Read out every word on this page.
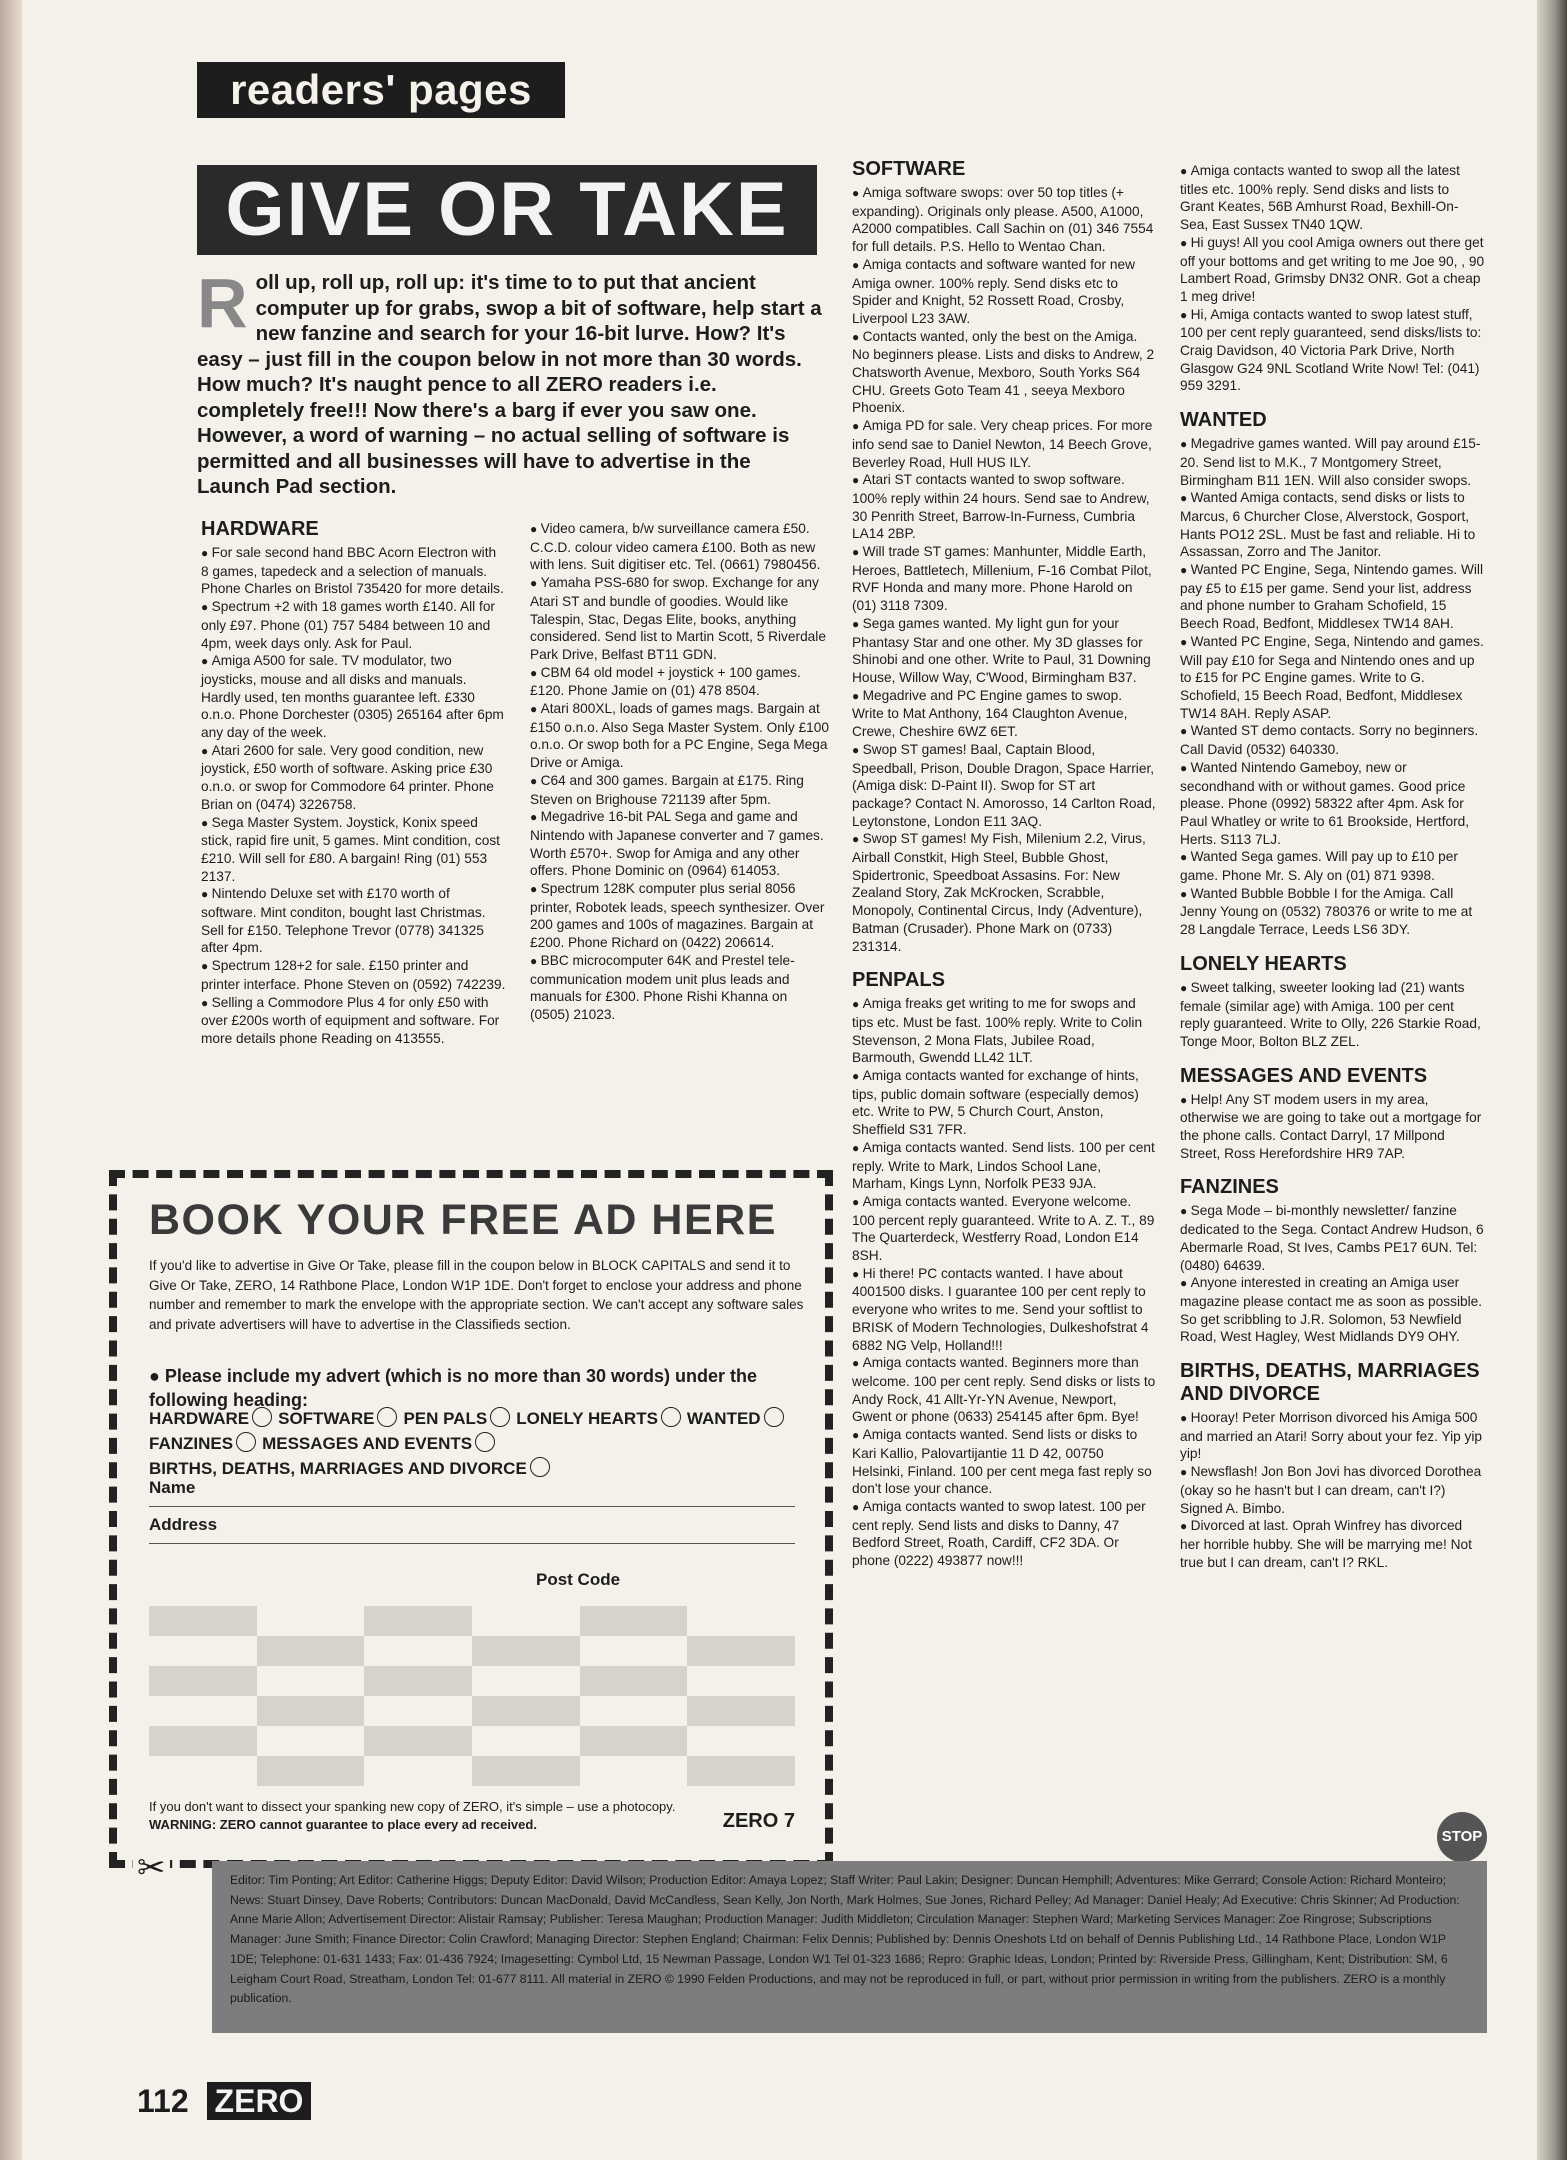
readers' pages
GIVE OR TAKE
R oll up, roll up, roll up: it's time to to put that ancient computer up for grabs, swop a bit of software, help start a new fanzine and search for your 16-bit lurve. How? It's easy – just fill in the coupon below in not more than 30 words. How much? It's naught pence to all ZERO readers i.e. completely free!!! Now there's a barg if ever you saw one. However, a word of warning – no actual selling of software is permitted and all businesses will have to advertise in the Launch Pad section.
HARDWARE
● For sale second hand BBC Acorn Electron with 8 games, tapedeck and a selection of manuals. Phone Charles on Bristol 735420 for more details.
● Spectrum +2 with 18 games worth £140. All for only £97. Phone (01) 757 5484 between 10 and 4pm, week days only. Ask for Paul.
● Amiga A500 for sale. TV modulator, two joysticks, mouse and all disks and manuals. Hardly used, ten months guarantee left. £330 o.n.o. Phone Dorchester (0305) 265164 after 6pm any day of the week.
● Atari 2600 for sale. Very good condition, new joystick, £50 worth of software. Asking price £30 o.n.o. or swop for Commodore 64 printer. Phone Brian on (0474) 3226758.
● Sega Master System. Joystick, Konix speed stick, rapid fire unit, 5 games. Mint condition, cost £210. Will sell for £80. A bargain! Ring (01) 553 2137.
● Nintendo Deluxe set with £170 worth of software. Mint conditon, bought last Christmas. Sell for £150. Telephone Trevor (0778) 341325 after 4pm.
● Spectrum 128+2 for sale. £150 printer and printer interface. Phone Steven on (0592) 742239.
● Selling a Commodore Plus 4 for only £50 with over £200s worth of equipment and software. For more details phone Reading on 413555.
● Video camera, b/w surveillance camera £50. C.C.D. colour video camera £100. Both as new with lens. Suit digitiser etc. Tel. (0661) 7980456.
● Yamaha PSS-680 for swop. Exchange for any Atari ST and bundle of goodies. Would like Talespin, Stac, Degas Elite, books, anything considered. Send list to Martin Scott, 5 Riverdale Park Drive, Belfast BT11 GDN.
● CBM 64 old model + joystick + 100 games. £120. Phone Jamie on (01) 478 8504.
● Atari 800XL, loads of games mags. Bargain at £150 o.n.o. Also Sega Master System. Only £100 o.n.o. Or swop both for a PC Engine, Sega Mega Drive or Amiga.
● C64 and 300 games. Bargain at £175. Ring Steven on Brighouse 721139 after 5pm.
● Megadrive 16-bit PAL Sega and game and Nintendo with Japanese converter and 7 games. Worth £570+. Swop for Amiga and any other offers. Phone Dominic on (0964) 614053.
● Spectrum 128K computer plus serial 8056 printer, Robotek leads, speech synthesizer. Over 200 games and 100s of magazines. Bargain at £200. Phone Richard on (0422) 206614.
● BBC microcomputer 64K and Prestel tele-communication modem unit plus leads and manuals for £300. Phone Rishi Khanna on (0505) 21023.
SOFTWARE
● Amiga software swops: over 50 top titles (+ expanding). Originals only please. A500, A1000, A2000 compatibles. Call Sachin on (01) 346 7554 for full details. P.S. Hello to Wentao Chan.
● Amiga contacts and software wanted for new Amiga owner. 100% reply. Send disks etc to Spider and Knight, 52 Rossett Road, Crosby, Liverpool L23 3AW.
● Contacts wanted, only the best on the Amiga. No beginners please. Lists and disks to Andrew, 2 Chatsworth Avenue, Mexboro, South Yorks S64 CHU. Greets Goto Team 41 , seeya Mexboro Phoenix.
● Amiga PD for sale. Very cheap prices. For more info send sae to Daniel Newton, 14 Beech Grove, Beverley Road, Hull HUS ILY.
● Atari ST contacts wanted to swop software. 100% reply within 24 hours. Send sae to Andrew, 30 Penrith Street, Barrow-In-Furness, Cumbria LA14 2BP.
● Will trade ST games: Manhunter, Middle Earth, Heroes, Battletech, Millenium, F-16 Combat Pilot, RVF Honda and many more. Phone Harold on (01) 3118 7309.
● Sega games wanted. My light gun for your Phantasy Star and one other. My 3D glasses for Shinobi and one other. Write to Paul, 31 Downing House, Willow Way, C'Wood, Birmingham B37.
● Megadrive and PC Engine games to swop. Write to Mat Anthony, 164 Claughton Avenue, Crewe, Cheshire 6WZ 6ET.
● Swop ST games! Baal, Captain Blood, Speedball, Prison, Double Dragon, Space Harrier, (Amiga disk: D-Paint II). Swop for ST art package? Contact N. Amorosso, 14 Carlton Road, Leytonstone, London E11 3AQ.
● Swop ST games! My Fish, Milenium 2.2, Virus, Airball Constkit, High Steel, Bubble Ghost, Spidertronic, Speedboat Assasins. For: New Zealand Story, Zak McKrocken, Scrabble, Monopoly, Continental Circus, Indy (Adventure), Batman (Crusader). Phone Mark on (0733) 231314.
PENPALS
● Amiga freaks get writing to me for swops and tips etc. Must be fast. 100% reply. Write to Colin Stevenson, 2 Mona Flats, Jubilee Road, Barmouth, Gwendd LL42 1LT.
● Amiga contacts wanted for exchange of hints, tips, public domain software (especially demos) etc. Write to PW, 5 Church Court, Anston, Sheffield S31 7FR.
● Amiga contacts wanted. Send lists. 100 per cent reply. Write to Mark, Lindos School Lane, Marham, Kings Lynn, Norfolk PE33 9JA.
● Amiga contacts wanted. Everyone welcome. 100 percent reply guaranteed. Write to A. Z. T., 89 The Quarterdeck, Westferry Road, London E14 8SH.
● Hi there! PC contacts wanted. I have about 4001500 disks. I guarantee 100 per cent reply to everyone who writes to me. Send your softlist to BRISK of Modern Technologies, Dulkeshofstrat 4 6882 NG Velp, Holland!!!
● Amiga contacts wanted. Beginners more than welcome. 100 per cent reply. Send disks or lists to Andy Rock, 41 Allt-Yr-YN Avenue, Newport, Gwent or phone (0633) 254145 after 6pm. Bye!
● Amiga contacts wanted. Send lists or disks to Kari Kallio, Palovartijantie 11 D 42, 00750 Helsinki, Finland. 100 per cent mega fast reply so don't lose your chance.
● Amiga contacts wanted to swop latest. 100 per cent reply. Send lists and disks to Danny, 47 Bedford Street, Roath, Cardiff, CF2 3DA. Or phone (0222) 493877 now!!!
● Amiga contacts wanted to swop all the latest titles etc. 100% reply. Send disks and lists to Grant Keates, 56B Amhurst Road, Bexhill-On-Sea, East Sussex TN40 1QW.
● Hi guys! All you cool Amiga owners out there get off your bottoms and get writing to me Joe 90, , 90 Lambert Road, Grimsby DN32 ONR. Got a cheap 1 meg drive!
● Hi, Amiga contacts wanted to swop latest stuff, 100 per cent reply guaranteed, send disks/lists to: Craig Davidson, 40 Victoria Park Drive, North Glasgow G24 9NL Scotland Write Now! Tel: (041) 959 3291.
WANTED
● Megadrive games wanted. Will pay around £15-20. Send list to M.K., 7 Montgomery Street, Birmingham B11 1EN. Will also consider swops.
● Wanted Amiga contacts, send disks or lists to Marcus, 6 Churcher Close, Alverstock, Gosport, Hants PO12 2SL. Must be fast and reliable. Hi to Assassan, Zorro and The Janitor.
● Wanted PC Engine, Sega, Nintendo games. Will pay £5 to £15 per game. Send your list, address and phone number to Graham Schofield, 15 Beech Road, Bedfont, Middlesex TW14 8AH.
● Wanted PC Engine, Sega, Nintendo and games. Will pay £10 for Sega and Nintendo ones and up to £15 for PC Engine games. Write to G. Schofield, 15 Beech Road, Bedfont, Middlesex TW14 8AH. Reply ASAP.
● Wanted ST demo contacts. Sorry no beginners. Call David (0532) 640330.
● Wanted Nintendo Gameboy, new or secondhand with or without games. Good price please. Phone (0992) 58322 after 4pm. Ask for Paul Whatley or write to 61 Brookside, Hertford, Herts. S113 7LJ.
● Wanted Sega games. Will pay up to £10 per game. Phone Mr. S. Aly on (01) 871 9398.
● Wanted Bubble Bobble I for the Amiga. Call Jenny Young on (0532) 780376 or write to me at 28 Langdale Terrace, Leeds LS6 3DY.
LONELY HEARTS
● Sweet talking, sweeter looking lad (21) wants female (similar age) with Amiga. 100 per cent reply guaranteed. Write to Olly, 226 Starkie Road, Tonge Moor, Bolton BLZ ZEL.
MESSAGES AND EVENTS
● Help! Any ST modem users in my area, otherwise we are going to take out a mortgage for the phone calls. Contact Darryl, 17 Millpond Street, Ross Herefordshire HR9 7AP.
FANZINES
● Sega Mode – bi-monthly newsletter/ fanzine dedicated to the Sega. Contact Andrew Hudson, 6 Abermarle Road, St Ives, Cambs PE17 6UN. Tel: (0480) 64639.
● Anyone interested in creating an Amiga user magazine please contact me as soon as possible. So get scribbling to J.R. Solomon, 53 Newfield Road, West Hagley, West Midlands DY9 OHY.
BIRTHS, DEATHS, MARRIAGES AND DIVORCE
● Hooray! Peter Morrison divorced his Amiga 500 and married an Atari! Sorry about your fez. Yip yip yip!
● Newsflash! Jon Bon Jovi has divorced Dorothea (okay so he hasn't but I can dream, can't I?) Signed A. Bimbo.
● Divorced at last. Oprah Winfrey has divorced her horrible hubby. She will be marrying me! Not true but I can dream, can't I? RKL.
STOP
BOOK YOUR FREE AD HERE
If you'd like to advertise in Give Or Take, please fill in the coupon below in BLOCK CAPITALS and send it to Give Or Take, ZERO, 14 Rathbone Place, London W1P 1DE. Don't forget to enclose your address and phone number and remember to mark the envelope with the appropriate section. We can't accept any software sales and private advertisers will have to advertise in the Classifieds section.
● Please include my advert (which is no more than 30 words) under the following heading:
HARDWARE SOFTWARE PEN PALS LONELY HEARTS WANTEDFANZINES MESSAGES AND EVENTSBIRTHS, DEATHS, MARRIAGES AND DIVORCE
Name
Address
Post Code
If you don't want to dissect your spanking new copy of ZERO, it's simple – use a photocopy.
WARNING: ZERO cannot guarantee to place every ad received.	ZERO 7
✂	Editor: Tim Ponting; Art Editor: Catherine Higgs; Deputy Editor: David Wilson; Production Editor: Amaya Lopez; Staff Writer: Paul Lakin; Designer: Duncan Hemphill; Adventures: Mike Gerrard; Console Action: Richard Monteiro; News: Stuart Dinsey, Dave Roberts; Contributors: Duncan MacDonald, David McCandless, Sean Kelly, Jon North, Mark Holmes, Sue Jones, Richard Pelley; Ad Manager: Daniel Healy; Ad Executive: Chris Skinner; Ad Production: Anne Marie Allon; Advertisement Director: Alistair Ramsay; Publisher: Teresa Maughan; Production Manager: Judith Middleton; Circulation Manager: Stephen Ward; Marketing Services Manager: Zoe Ringrose; Subscriptions Manager: June Smith; Finance Director: Colin Crawford; Managing Director: Stephen England; Chairman: Felix Dennis; Published by: Dennis Oneshots Ltd on behalf of Dennis Publishing Ltd., 14 Rathbone Place, London W1P 1DE; Telephone: 01-631 1433; Fax: 01-436 7924; Imagesetting: Cymbol Ltd, 15 Newman Passage, London W1 Tel 01-323 1686; Repro: Graphic Ideas, London; Printed by: Riverside Press, Gillingham, Kent; Distribution: SM, 6 Leigham Court Road, Streatham, London Tel: 01-677 8111. All material in ZERO © 1990 Felden Productions, and may not be reproduced in full, or part, without prior permission in writing from the publishers. ZERO is a monthly publication.
112 ZERO
